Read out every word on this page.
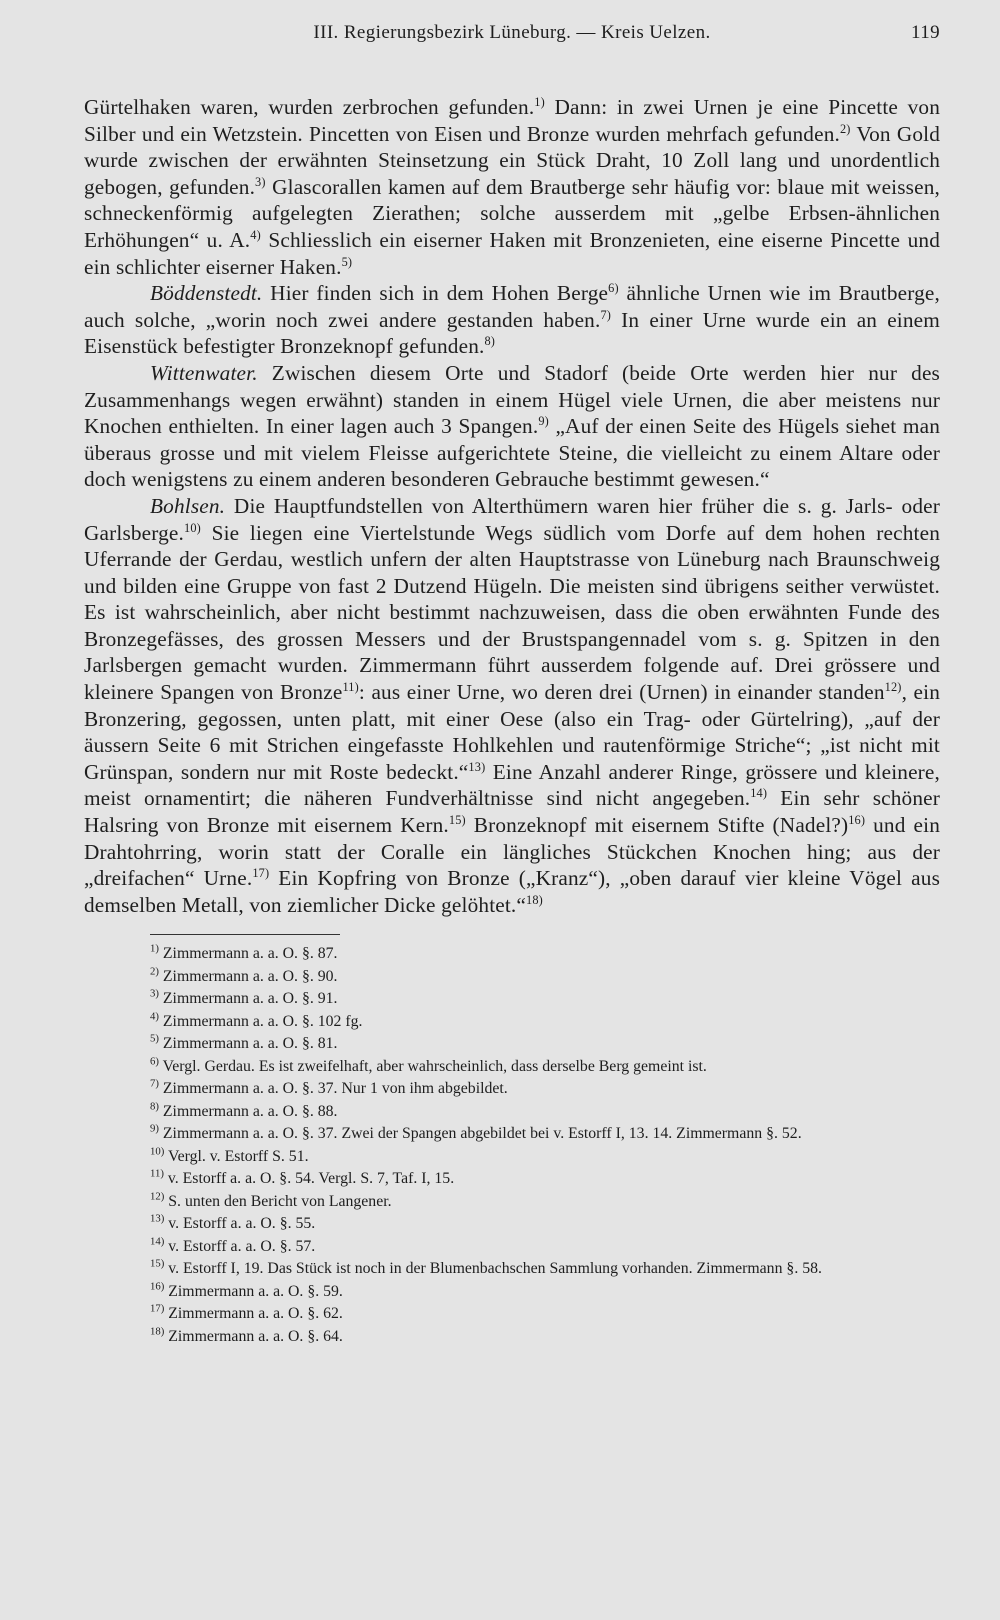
III. Regierungsbezirk Lüneburg. — Kreis Uelzen.	119

Gürtelhaken waren, wurden zerbrochen gefunden.$^{1)}$ Dann: in zwei Urnen je eine Pincette von Silber und ein Wetzstein. Pincetten von Eisen und Bronze wurden mehrfach gefunden.$^{2)}$ Von Gold wurde zwischen der erwähnten Steinsetzung ein Stück Draht, 10 Zoll lang und unordentlich gebogen, gefunden.$^{3)}$ Glascorallen kamen auf dem Brautberge sehr häufig vor: blaue mit weissen, schneckenförmig aufgelegten Zierathen; solche ausserdem mit „gelbe Erbsen-ähnlichen Erhöhungen“ u. A.$^{4)}$ Schliesslich ein eiserner Haken mit Bronzenieten, eine eiserne Pincette und ein schlichter eiserner Haken.$^{5)}$

Böddenstedt. Hier finden sich in dem Hohen Berge$^{6)}$ ähnliche Urnen wie im Brautberge, auch solche, „worin noch zwei andere gestanden haben.$^{7)}$ In einer Urne wurde ein an einem Eisenstück befestigter Bronzeknopf gefunden.$^{8)}$

Wittenwater. Zwischen diesem Orte und Stadorf (beide Orte werden hier nur des Zusammenhangs wegen erwähnt) standen in einem Hügel viele Urnen, die aber meistens nur Knochen enthielten. In einer lagen auch 3 Spangen.$^{9)}$ „Auf der einen Seite des Hügels siehet man überaus grosse und mit vielem Fleisse aufgerichtete Steine, die vielleicht zu einem Altare oder doch wenigstens zu einem anderen besonderen Gebrauche bestimmt gewesen.“

Bohlsen. Die Hauptfundstellen von Alterthümern waren hier früher die s. g. Jarls- oder Garlsberge.$^{10)}$ Sie liegen eine Viertelstunde Wegs südlich vom Dorfe auf dem hohen rechten Uferrande der Gerdau, westlich unfern der alten Hauptstrasse von Lüneburg nach Braunschweig und bilden eine Gruppe von fast 2 Dutzend Hügeln. Die meisten sind übrigens seither verwüstet. Es ist wahrscheinlich, aber nicht bestimmt nachzuweisen, dass die oben erwähnten Funde des Bronzegefässes, des grossen Messers und der Brustspangennadel vom s. g. Spitzen in den Jarlsbergen gemacht wurden. Zimmermann führt ausserdem folgende auf. Drei grössere und kleinere Spangen von Bronze$^{11)}$: aus einer Urne, wo deren drei (Urnen) in einander standen$^{12)}$, ein Bronzering, gegossen, unten platt, mit einer Oese (also ein Trag- oder Gürtelring), „auf der äussern Seite 6 mit Strichen eingefasste Hohlkehlen und rautenförmige Striche“; „ist nicht mit Grünspan, sondern nur mit Roste bedeckt.“$^{13)}$ Eine Anzahl anderer Ringe, grössere und kleinere, meist ornamentirt; die näheren Fundverhältnisse sind nicht angegeben.$^{14)}$ Ein sehr schöner Halsring von Bronze mit eisernem Kern.$^{15)}$ Bronzeknopf mit eisernem Stifte (Nadel?)$^{16)}$ und ein Drahtohrring, worin statt der Coralle ein längliches Stückchen Knochen hing; aus der „dreifachen“ Urne.$^{17)}$ Ein Kopfring von Bronze („Kranz“), „oben darauf vier kleine Vögel aus demselben Metall, von ziemlicher Dicke gelöhtet.“$^{18)}$

$^{1)}$ Zimmermann a. a. O. §. 87.
$^{2)}$ Zimmermann a. a. O. §. 90.
$^{3)}$ Zimmermann a. a. O. §. 91.
$^{4)}$ Zimmermann a. a. O. §. 102 fg.
$^{5)}$ Zimmermann a. a. O. §. 81.
$^{6)}$ Vergl. Gerdau. Es ist zweifelhaft, aber wahrscheinlich, dass derselbe Berg gemeint ist.
$^{7)}$ Zimmermann a. a. O. §. 37. Nur 1 von ihm abgebildet.
$^{8)}$ Zimmermann a. a. O. §. 88.
$^{9)}$ Zimmermann a. a. O. §. 37. Zwei der Spangen abgebildet bei v. Estorff I, 13. 14. Zimmermann §. 52.
$^{10)}$ Vergl. v. Estorff S. 51.
$^{11)}$ v. Estorff a. a. O. §. 54. Vergl. S. 7, Taf. I, 15.
$^{12)}$ S. unten den Bericht von Langener.
$^{13)}$ v. Estorff a. a. O. §. 55.
$^{14)}$ v. Estorff a. a. O. §. 57.
$^{15)}$ v. Estorff I, 19. Das Stück ist noch in der Blumenbachschen Sammlung vorhanden. Zimmermann §. 58.
$^{16)}$ Zimmermann a. a. O. §. 59.
$^{17)}$ Zimmermann a. a. O. §. 62.
$^{18)}$ Zimmermann a. a. O. §. 64.
